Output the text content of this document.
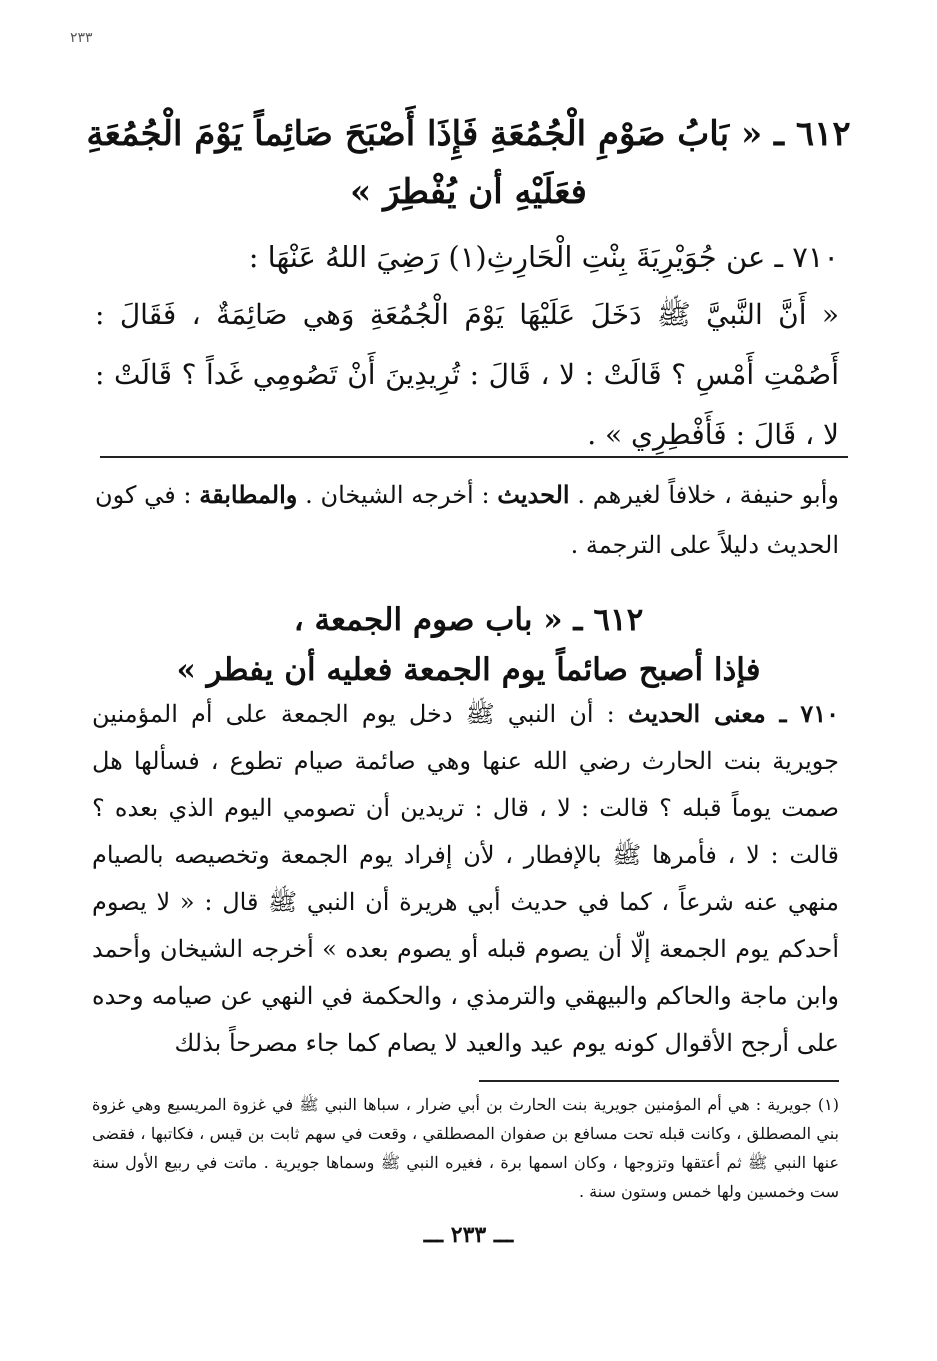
۲۳۳
٦١٢ ـ « بَابُ صَوْمِ الْجُمُعَةِ فَإِذَا أَصْبَحَ صَائِماً يَوْمَ الْجُمُعَةِ
فعَلَيْهِ أن يُفْطِرَ »
٧١٠ ـ عن جُوَيْرِيَةَ بِنْتِ الْحَارِثِ(١) رَضِيَ اللهُ عَنْهَا :
« أَنَّ النَّبيَّ ﷺ دَخَلَ عَلَيْهَا يَوْمَ الْجُمُعَةِ وَهي صَائِمَةٌ ، فَقَالَ : أَصُمْتِ أَمْسِ ؟ قَالَتْ : لا ، قَالَ : تُرِيدِينَ أَنْ تَصُومِي غَداً ؟ قَالَتْ : لا ، قَالَ : فَأَفْطِرِي » .
وأبو حنيفة ، خلافاً لغيرهم . الحديث : أخرجه الشيخان . والمطابقة : في كون الحديث دليلاً على الترجمة .
٦١٢ ـ « باب صوم الجمعة ،
فإذا أصبح صائماً يوم الجمعة فعليه أن يفطر »
٧١٠ ـ معنى الحديث : أن النبي ﷺ دخل يوم الجمعة على أم المؤمنين جويرية بنت الحارث رضي الله عنها وهي صائمة صيام تطوع ، فسألها هل صمت يوماً قبله ؟ قالت : لا ، قال : تريدين أن تصومي اليوم الذي بعده ؟ قالت : لا ، فأمرها ﷺ بالإفطار ، لأن إفراد يوم الجمعة وتخصيصه بالصيام منهي عنه شرعاً ، كما في حديث أبي هريرة أن النبي ﷺ قال : « لا يصوم أحدكم يوم الجمعة إلّا أن يصوم قبله أو يصوم بعده » أخرجه الشيخان وأحمد وابن ماجة والحاكم والبيهقي والترمذي ، والحكمة في النهي عن صيامه وحده على أرجح الأقوال كونه يوم عيد والعيد لا يصام كما جاء مصرحاً بذلك
(١) جويرية : هي أم المؤمنين جويرية بنت الحارث بن أبي ضرار ، سباها النبي ﷺ في غزوة المريسيع وهي غزوة بني المصطلق ، وكانت قبله تحت مسافع بن صفوان المصطلقي ، وقعت في سهم ثابت بن قيس ، فكاتبها ، فقضى عنها النبي ﷺ ثم أعتقها وتزوجها ، وكان اسمها برة ، فغيره النبي ﷺ وسماها جويرية . ماتت في ربيع الأول سنة ست وخمسين ولها خمس وستون سنة .
ـــ ٢٣٣ ـــ
